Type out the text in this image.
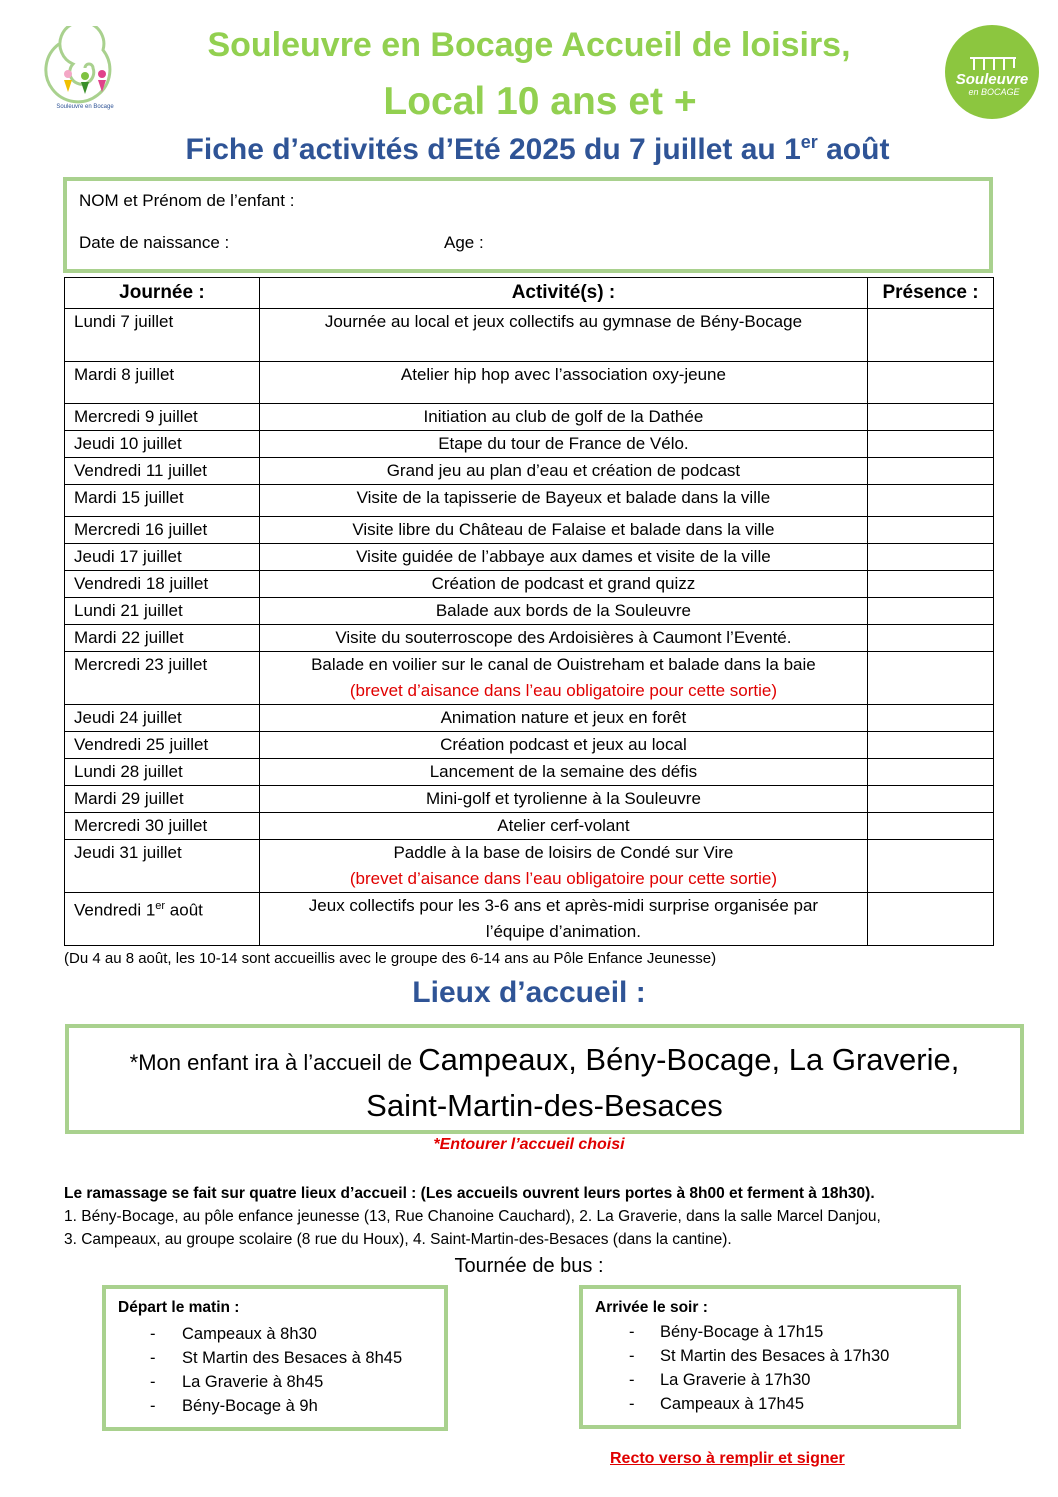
Souleuvre en Bocage
Souleuvre
en BOCAGE
Souleuvre en Bocage Accueil de loisirs,
Local 10 ans et +
Fiche d’activités d’Eté 2025 du 7 juillet au 1er août
NOM et Prénom de l’enfant :
Date de naissance :	Age :
Journée :	Activité(s) :	Présence :
Lundi 7 juillet	Journée au local et jeux collectifs au gymnase de Bény-Bocage	
Mardi 8 juillet	Atelier hip hop avec l’association oxy-jeune	
Mercredi 9 juillet	Initiation au club de golf de la Dathée	
Jeudi 10 juillet	Etape du tour de France de Vélo.	
Vendredi 11 juillet	Grand jeu au plan d’eau et création de podcast	
Mardi 15 juillet	Visite de la tapisserie de Bayeux et balade dans la ville	
Mercredi 16 juillet	Visite libre du Château de Falaise et balade dans la ville	
Jeudi 17 juillet	Visite guidée de l’abbaye aux dames et visite de la ville	
Vendredi 18 juillet	Création de podcast et grand quizz	
Lundi 21 juillet	Balade aux bords de la Souleuvre	
Mardi 22 juillet	Visite du souterroscope des Ardoisières à Caumont l’Eventé.	
Mercredi 23 juillet	Balade en voilier sur le canal de Ouistreham et balade dans la baie
(brevet d’aisance dans l’eau obligatoire pour cette sortie)	

Jeudi 24 juillet	Animation nature et jeux en forêt	
Vendredi 25 juillet	Création podcast et jeux au local	
Lundi 28 juillet	Lancement de la semaine des défis	
Mardi 29 juillet	Mini-golf et tyrolienne à la Souleuvre	
Mercredi 30 juillet	Atelier cerf-volant	
Jeudi 31 juillet	Paddle à la base de loisirs de Condé sur Vire
(brevet d’aisance dans l’eau obligatoire pour cette sortie)	

Vendredi 1er août	Jeux collectifs pour les 3-6 ans et après-midi surprise organisée par
l’équipe d’animation.	

(Du 4 au 8 août, les 10-14 sont accueillis avec le groupe des 6-14 ans au Pôle Enfance Jeunesse)
Lieux d’accueil :
*Mon enfant ira à l’accueil de Campeaux, Bény-Bocage, La Graverie,
Saint-Martin-des-Besaces
*Entourer l’accueil choisi
Le ramassage se fait sur quatre lieux d’accueil : (Les accueils ouvrent leurs portes à 8h00 et ferment à 18h30).
1. Bény-Bocage, au pôle enfance jeunesse (13, Rue Chanoine Cauchard), 2. La Graverie, dans la salle Marcel Danjou,
3. Campeaux, au groupe scolaire (8 rue du Houx), 4. Saint-Martin-des-Besaces (dans la cantine).
Tournée de bus :
Départ le matin :
- Campeaux à 8h30
- St Martin des Besaces à 8h45
- La Graverie à 8h45
- Bény-Bocage à 9h
Arrivée le soir :
- Bény-Bocage à 17h15
- St Martin des Besaces à 17h30
- La Graverie à 17h30
- Campeaux à 17h45
Recto verso à remplir et signer
